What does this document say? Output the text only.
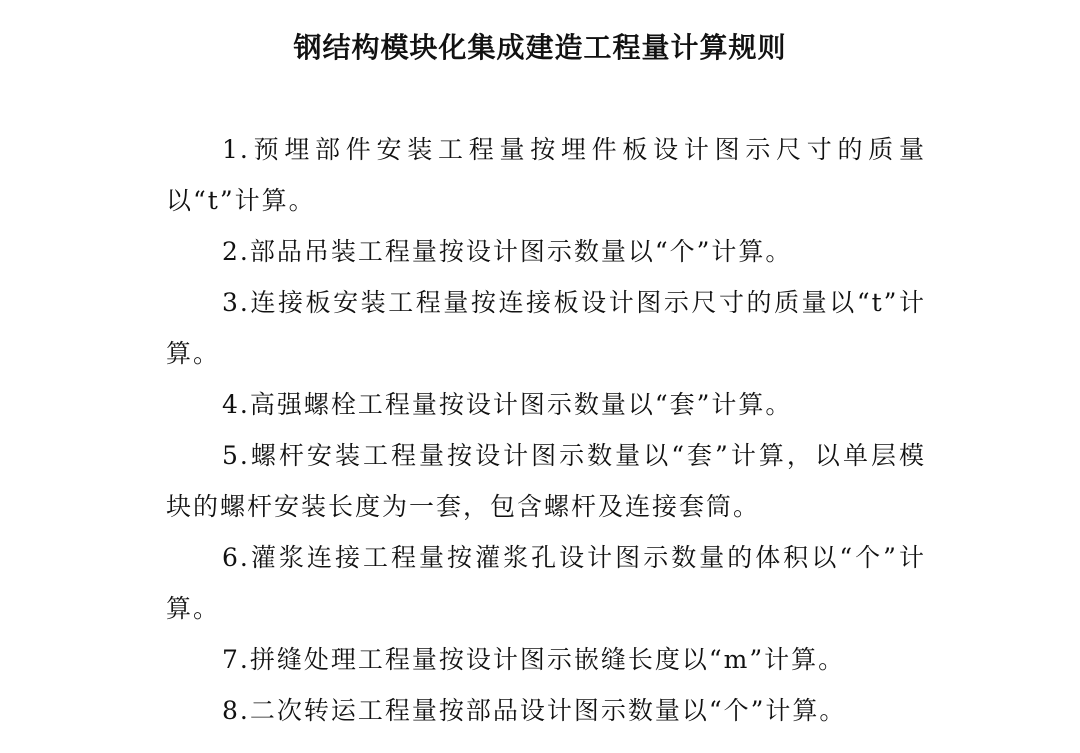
钢结构模块化集成建造工程量计算规则

1.预埋部件安装工程量按埋件板设计图示尺寸的质量以“t”计算。

2.部品吊装工程量按设计图示数量以“个”计算。

3.连接板安装工程量按连接板设计图示尺寸的质量以“t”计算。

4.高强螺栓工程量按设计图示数量以“套”计算。

5.螺杆安装工程量按设计图示数量以“套”计算，以单层模块的螺杆安装长度为一套，包含螺杆及连接套筒。

6.灌浆连接工程量按灌浆孔设计图示数量的体积以“个”计算。

7.拼缝处理工程量按设计图示嵌缝长度以“m”计算。

8.二次转运工程量按部品设计图示数量以“个”计算。
